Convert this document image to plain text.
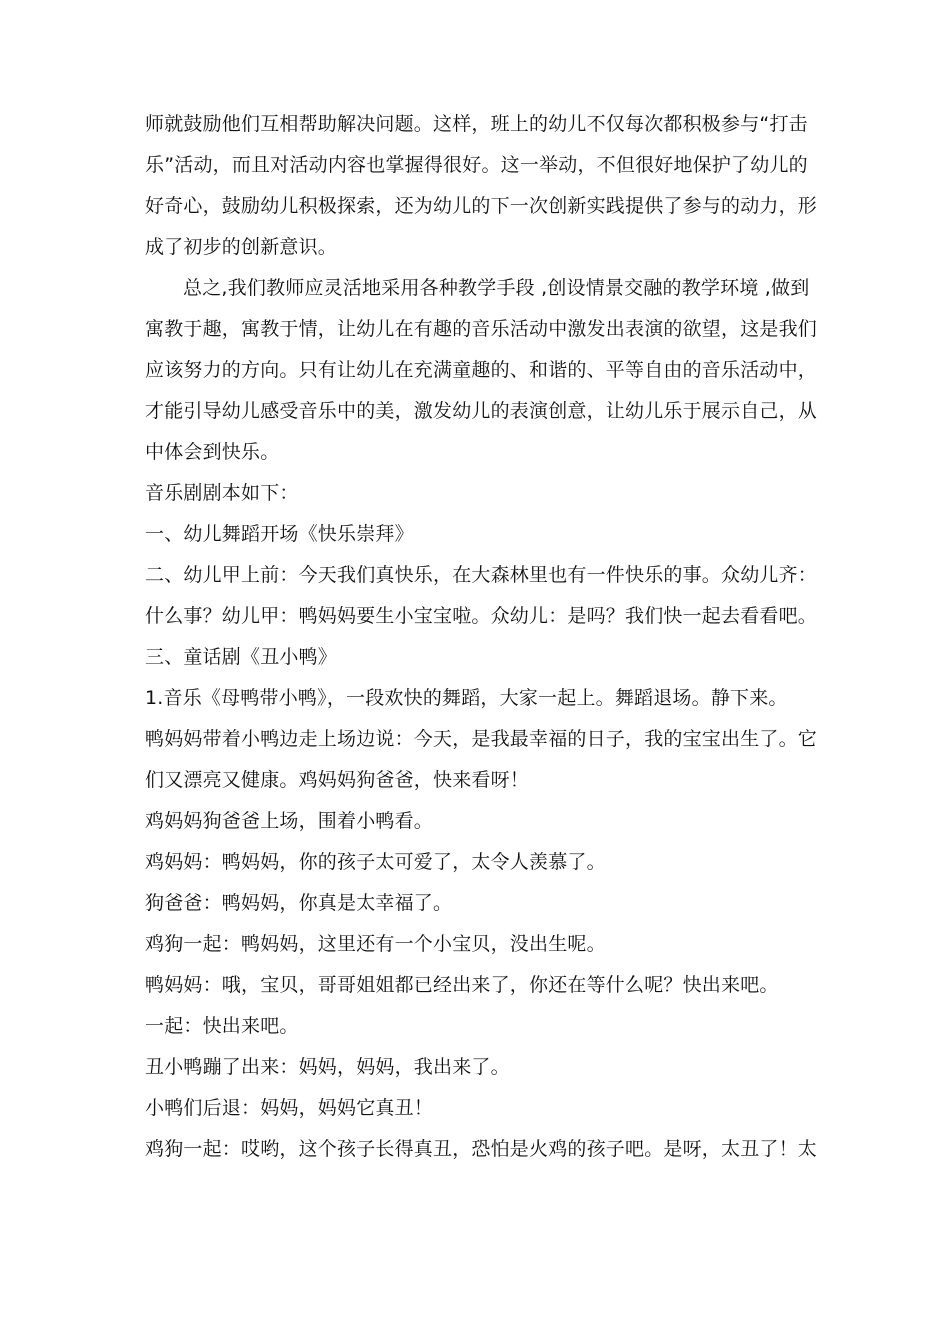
师就鼓励他们互相帮助解决问题。这样，班上的幼儿不仅每次都积极参与“打击
乐”活动，而且对活动内容也掌握得很好。这一举动，不但很好地保护了幼儿的
好奇心，鼓励幼儿积极探索，还为幼儿的下一次创新实践提供了参与的动力，形
成了初步的创新意识。
总之,我们教师应灵活地采用各种教学手段 ,创设情景交融的教学环境 ,做到
寓教于趣，寓教于情，让幼儿在有趣的音乐活动中激发出表演的欲望，这是我们
应该努力的方向。只有让幼儿在充满童趣的、和谐的、平等自由的音乐活动中，
才能引导幼儿感受音乐中的美，激发幼儿的表演创意，让幼儿乐于展示自己，从
中体会到快乐。
音乐剧剧本如下：
一、幼儿舞蹈开场《快乐崇拜》
二、幼儿甲上前：今天我们真快乐，在大森林里也有一件快乐的事。众幼儿齐：
什么事？幼儿甲：鸭妈妈要生小宝宝啦。众幼儿：是吗？我们快一起去看看吧。
三、童话剧《丑小鸭》
1.音乐《母鸭带小鸭》，一段欢快的舞蹈，大家一起上。舞蹈退场。静下来。
鸭妈妈带着小鸭边走上场边说：今天，是我最幸福的日子，我的宝宝出生了。它
们又漂亮又健康。鸡妈妈狗爸爸，快来看呀！
鸡妈妈狗爸爸上场，围着小鸭看。
鸡妈妈：鸭妈妈，你的孩子太可爱了，太令人羡慕了。
狗爸爸：鸭妈妈，你真是太幸福了。
鸡狗一起：鸭妈妈，这里还有一个小宝贝，没出生呢。
鸭妈妈：哦，宝贝，哥哥姐姐都已经出来了，你还在等什么呢？快出来吧。
一起：快出来吧。
丑小鸭蹦了出来：妈妈，妈妈，我出来了。
小鸭们后退：妈妈，妈妈它真丑！
鸡狗一起：哎哟，这个孩子长得真丑，恐怕是火鸡的孩子吧。是呀，太丑了！太
